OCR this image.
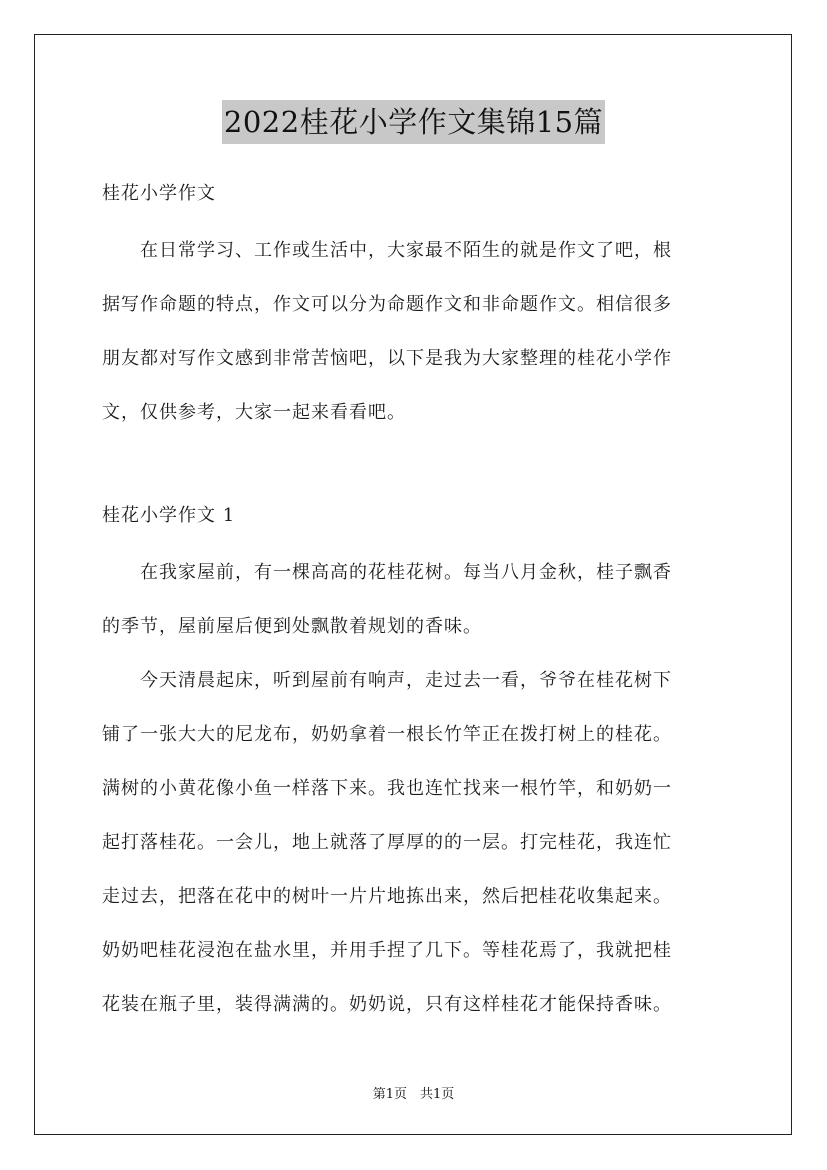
2022桂花小学作文集锦15篇
桂花小学作文

　　在日常学习、工作或生活中，大家最不陌生的就是作文了吧，根
据写作命题的特点，作文可以分为命题作文和非命题作文。相信很多
朋友都对写作文感到非常苦恼吧，以下是我为大家整理的桂花小学作
文，仅供参考，大家一起来看看吧。

桂花小学作文 1

　　在我家屋前，有一棵高高的花桂花树。每当八月金秋，桂子飘香
的季节，屋前屋后便到处飘散着规划的香味。

　　今天清晨起床，听到屋前有响声，走过去一看，爷爷在桂花树下
铺了一张大大的尼龙布，奶奶拿着一根长竹竿正在拨打树上的桂花。
满树的小黄花像小鱼一样落下来。我也连忙找来一根竹竿，和奶奶一
起打落桂花。一会儿，地上就落了厚厚的的一层。打完桂花，我连忙
走过去，把落在花中的树叶一片片地拣出来，然后把桂花收集起来。
奶奶吧桂花浸泡在盐水里，并用手捏了几下。等桂花焉了，我就把桂
花装在瓶子里，装得满满的。奶奶说，只有这样桂花才能保持香味。

第1页　共1页
